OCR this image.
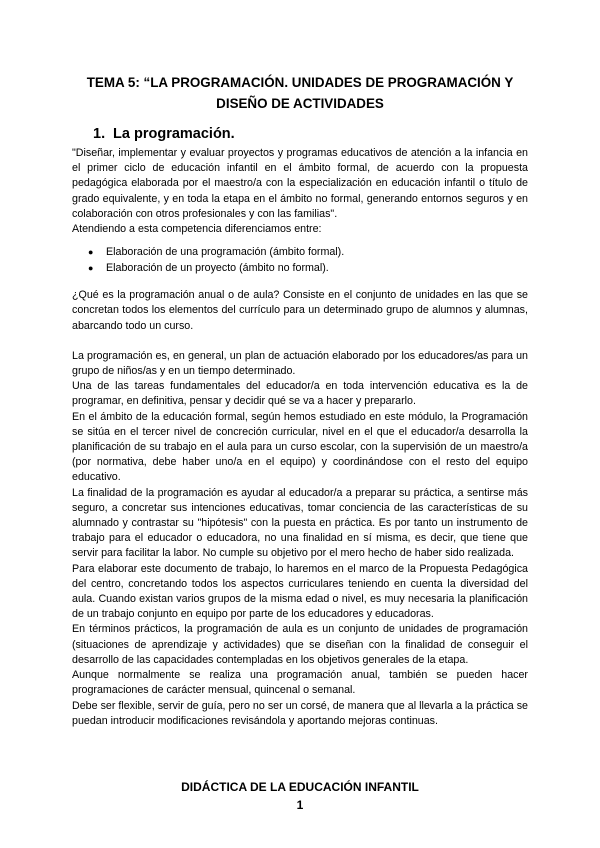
TEMA 5: “LA PROGRAMACIÓN. UNIDADES DE PROGRAMACIÓN Y DISEÑO DE ACTIVIDADES
1. La programación.

"Diseñar, implementar y evaluar proyectos y programas educativos de atención a la infancia en el primer ciclo de educación infantil en el ámbito formal, de acuerdo con la propuesta pedagógica elaborada por el maestro/a con la especialización en educación infantil o título de grado equivalente, y en toda la etapa en el ámbito no formal, generando entornos seguros y en colaboración con otros profesionales y con las familias".

Atendiendo a esta competencia diferenciamos entre:

● Elaboración de una programación (ámbito formal).
● Elaboración de un proyecto (ámbito no formal).

¿Qué es la programación anual o de aula? Consiste en el conjunto de unidades en las que se concretan todos los elementos del currículo para un determinado grupo de alumnos y alumnas, abarcando todo un curso.

La programación es, en general, un plan de actuación elaborado por los educadores/as para un grupo de niños/as y en un tiempo determinado.

Una de las tareas fundamentales del educador/a en toda intervención educativa es la de programar, en definitiva, pensar y decidir qué se va a hacer y prepararlo.

En el ámbito de la educación formal, según hemos estudiado en este módulo, la Programación se sitúa en el tercer nivel de concreción curricular, nivel en el que el educador/a desarrolla la planificación de su trabajo en el aula para un curso escolar, con la supervisión de un maestro/a (por normativa, debe haber uno/a en el equipo) y coordinándose con el resto del equipo educativo.

La finalidad de la programación es ayudar al educador/a a preparar su práctica, a sentirse más seguro, a concretar sus intenciones educativas, tomar conciencia de las características de su alumnado y contrastar su "hipótesis" con la puesta en práctica. Es por tanto un instrumento de trabajo para el educador o educadora, no una finalidad en sí misma, es decir, que tiene que servir para facilitar la labor. No cumple su objetivo por el mero hecho de haber sido realizada.

Para elaborar este documento de trabajo, lo haremos en el marco de la Propuesta Pedagógica del centro, concretando todos los aspectos curriculares teniendo en cuenta la diversidad del aula. Cuando existan varios grupos de la misma edad o nivel, es muy necesaria la planificación de un trabajo conjunto en equipo por parte de los educadores y educadoras.

En términos prácticos, la programación de aula es un conjunto de unidades de programación (situaciones de aprendizaje y actividades) que se diseñan con la finalidad de conseguir el desarrollo de las capacidades contempladas en los objetivos generales de la etapa.

Aunque normalmente se realiza una programación anual, también se pueden hacer programaciones de carácter mensual, quincenal o semanal.

Debe ser flexible, servir de guía, pero no ser un corsé, de manera que al llevarla a la práctica se puedan introducir modificaciones revisándola y aportando mejoras continuas.

DIDÁCTICA DE LA EDUCACIÓN INFANTIL
1
